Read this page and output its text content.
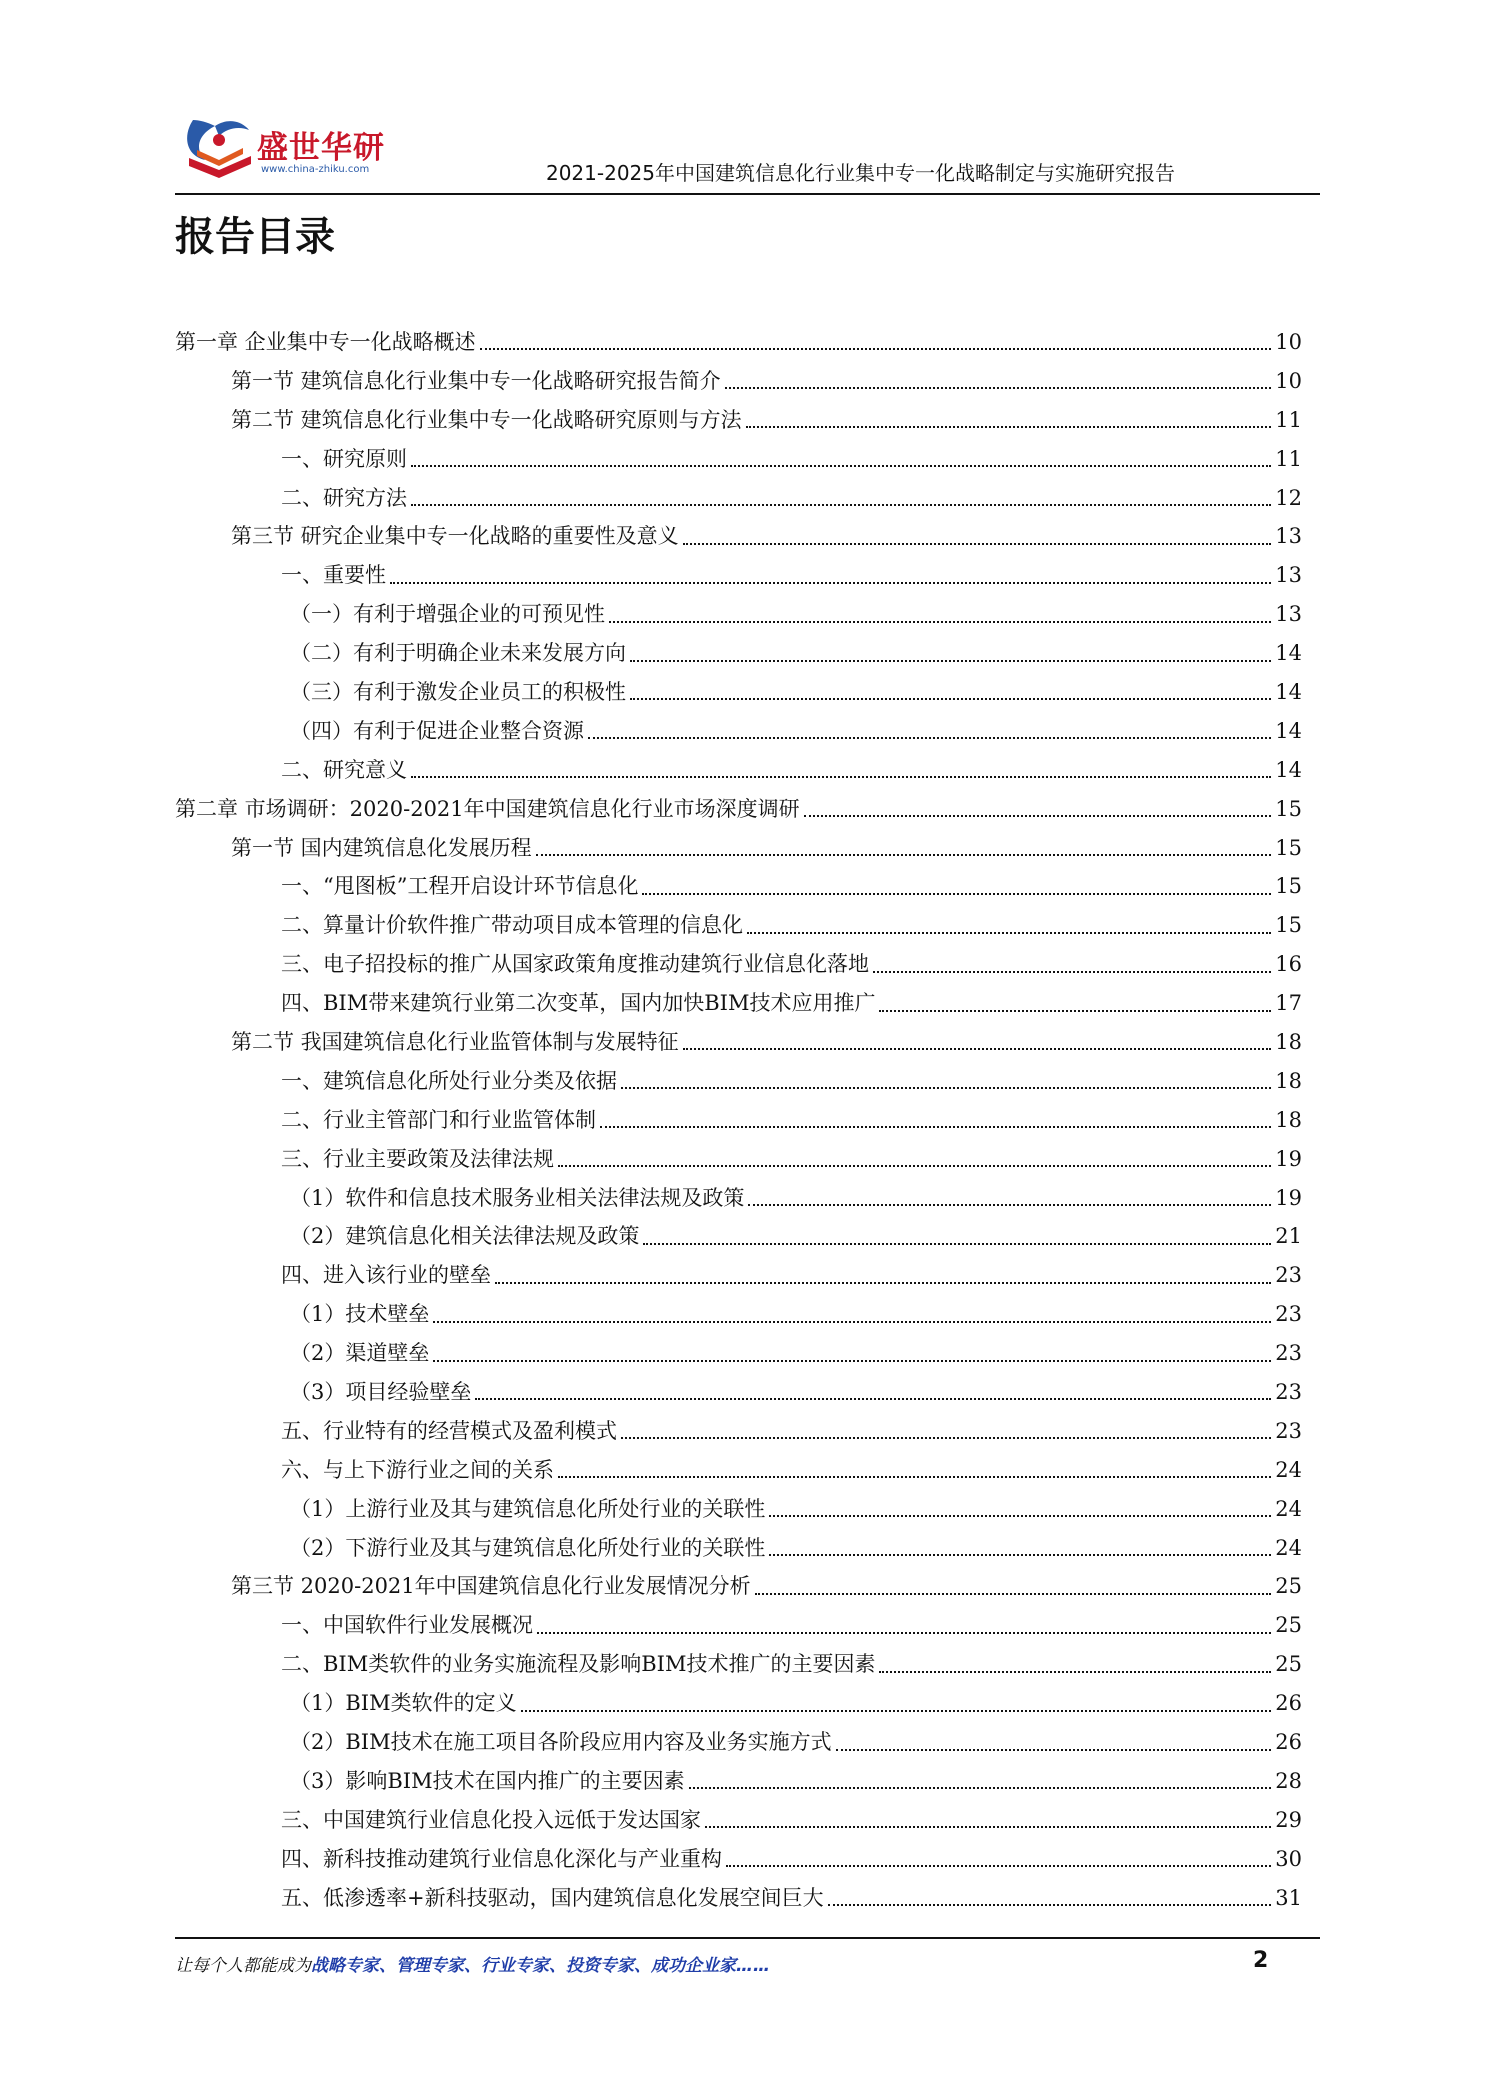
盛世华研
www.china-zhiku.com	2021-2025年中国建筑信息化行业集中专一化战略制定与实施研究报告
报告目录
第一章 企业集中专一化战略概述	10
第一节 建筑信息化行业集中专一化战略研究报告简介	10
第二节 建筑信息化行业集中专一化战略研究原则与方法	11
一、研究原则	11
二、研究方法	12
第三节 研究企业集中专一化战略的重要性及意义	13
一、重要性	13
（一）有利于增强企业的可预见性	13
（二）有利于明确企业未来发展方向	14
（三）有利于激发企业员工的积极性	14
（四）有利于促进企业整合资源	14
二、研究意义	14
第二章 市场调研：2020-2021年中国建筑信息化行业市场深度调研	15
第一节 国内建筑信息化发展历程	15
一、“甩图板”工程开启设计环节信息化	15
二、算量计价软件推广带动项目成本管理的信息化	15
三、电子招投标的推广从国家政策角度推动建筑行业信息化落地	16
四、BIM带来建筑行业第二次变革，国内加快BIM技术应用推广	17
第二节 我国建筑信息化行业监管体制与发展特征	18
一、建筑信息化所处行业分类及依据	18
二、行业主管部门和行业监管体制	18
三、行业主要政策及法律法规	19
（1）软件和信息技术服务业相关法律法规及政策	19
（2）建筑信息化相关法律法规及政策	21
四、进入该行业的壁垒	23
（1）技术壁垒	23
（2）渠道壁垒	23
（3）项目经验壁垒	23
五、行业特有的经营模式及盈利模式	23
六、与上下游行业之间的关系	24
（1）上游行业及其与建筑信息化所处行业的关联性	24
（2）下游行业及其与建筑信息化所处行业的关联性	24
第三节 2020-2021年中国建筑信息化行业发展情况分析	25
一、中国软件行业发展概况	25
二、BIM类软件的业务实施流程及影响BIM技术推广的主要因素	25
（1）BIM类软件的定义	26
（2）BIM技术在施工项目各阶段应用内容及业务实施方式	26
（3）影响BIM技术在国内推广的主要因素	28
三、中国建筑行业信息化投入远低于发达国家	29
四、新科技推动建筑行业信息化深化与产业重构	30
五、低渗透率+新科技驱动，国内建筑信息化发展空间巨大	31
让每个人都能成为战略专家、管理专家、行业专家、投资专家、成功企业家……	2
